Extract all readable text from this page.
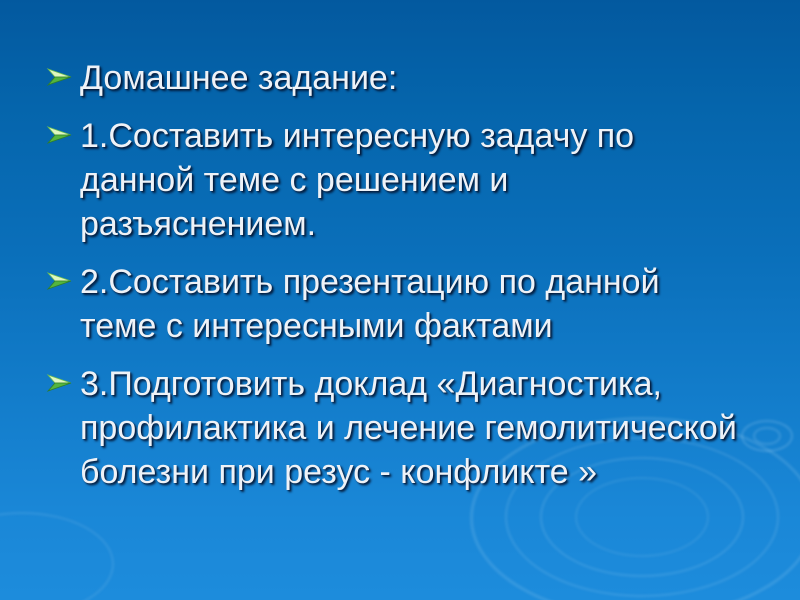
Домашнее задание:
1.Составить интересную задачу по данной теме с решением и разъяснением.
2.Составить презентацию по данной теме с интересными фактами
3.Подготовить доклад «Диагностика, профилактика и лечение гемолитической болезни при резус - конфликте »
